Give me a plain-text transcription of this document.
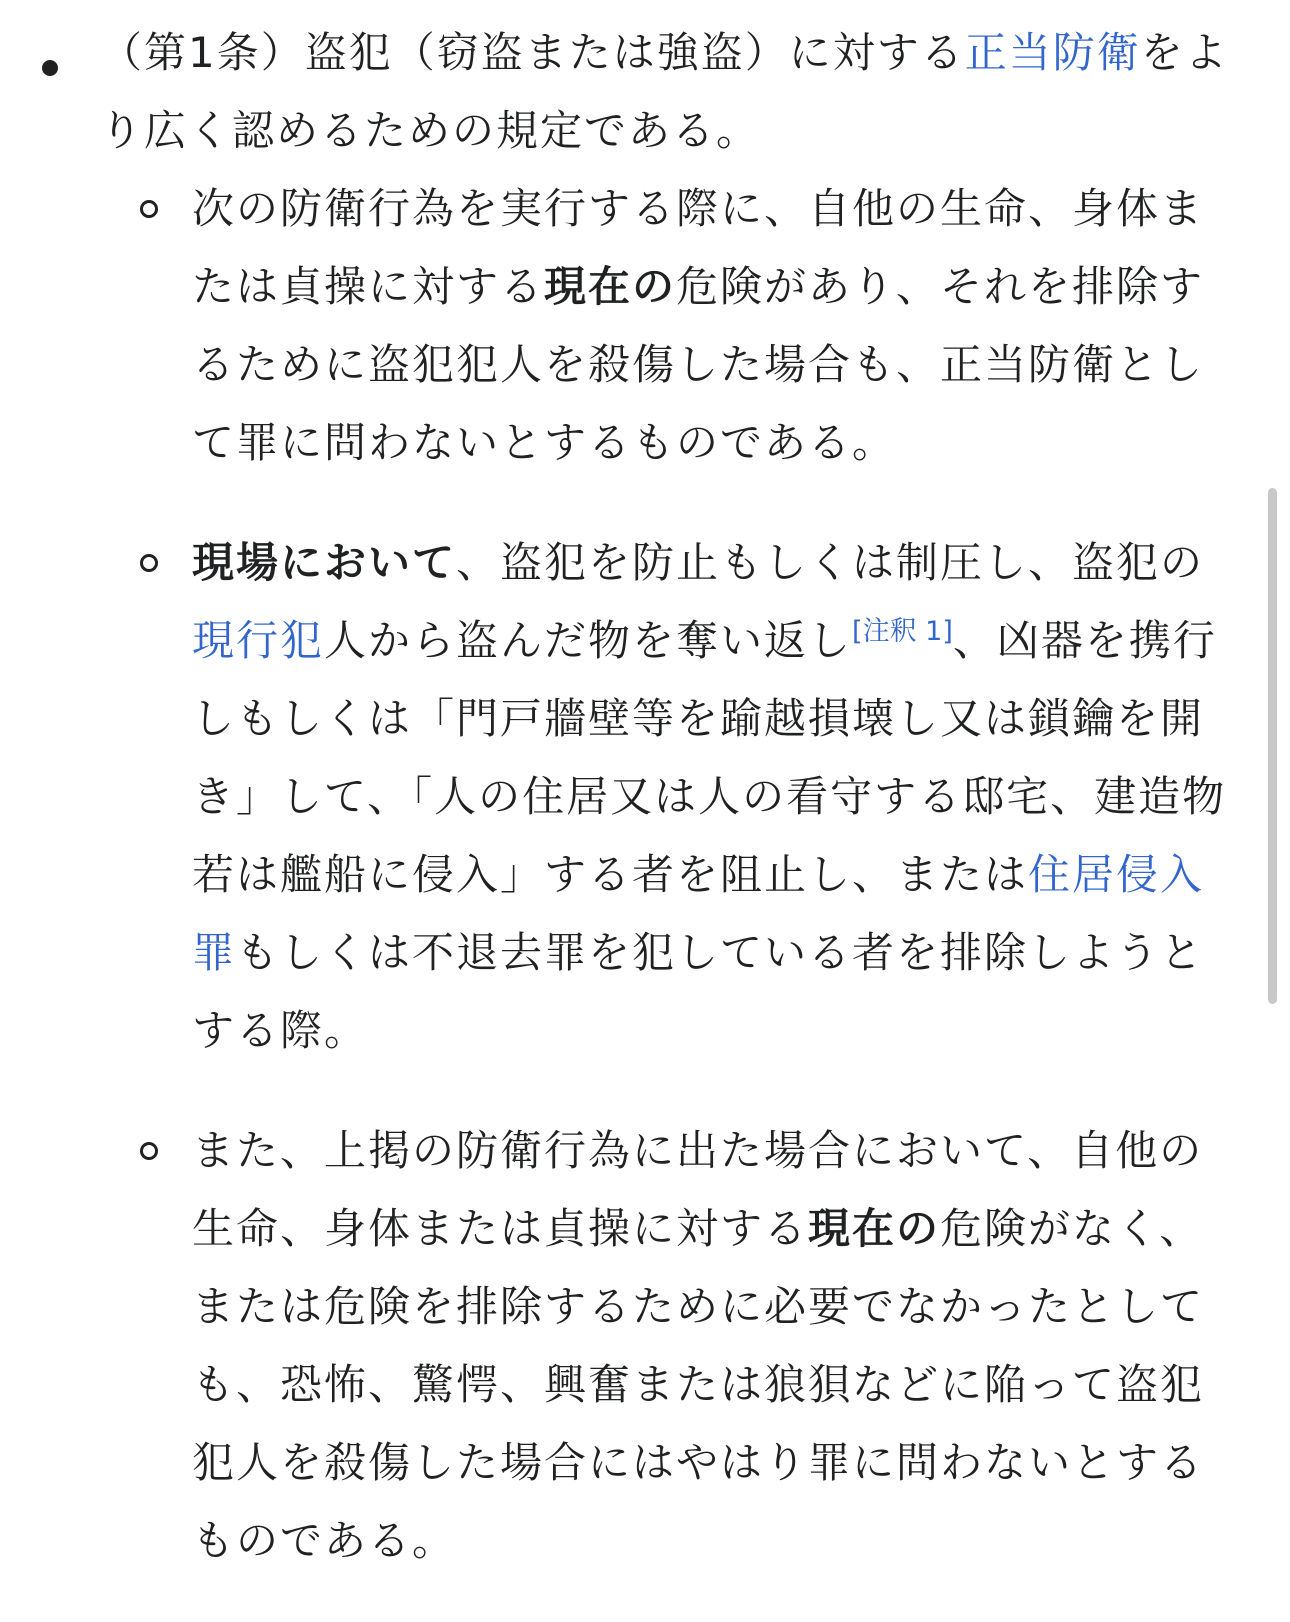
（第1条）盗犯（窃盗または強盗）に対する正当防衛をより広く認めるための規定である。

次の防衛行為を実行する際に、自他の生命、身体または貞操に対する現在の危険があり、それを排除するために盗犯犯人を殺傷した場合も、正当防衛として罪に問わないとするものである。

現場において、盗犯を防止もしくは制圧し、盗犯の現行犯人から盗んだ物を奪い返し[注釈 1]、凶器を携行しもしくは「門戸牆壁等を踰越損壊し又は鎖鑰を開き」して、「人の住居又は人の看守する邸宅、建造物若は艦船に侵入」する者を阻止し、または住居侵入罪もしくは不退去罪を犯している者を排除しようとする際。

また、上掲の防衛行為に出た場合において、自他の生命、身体または貞操に対する現在の危険がなく、または危険を排除するために必要でなかったとしても、恐怖、驚愕、興奮または狼狽などに陥って盗犯犯人を殺傷した場合にはやはり罪に問わないとするものである。
